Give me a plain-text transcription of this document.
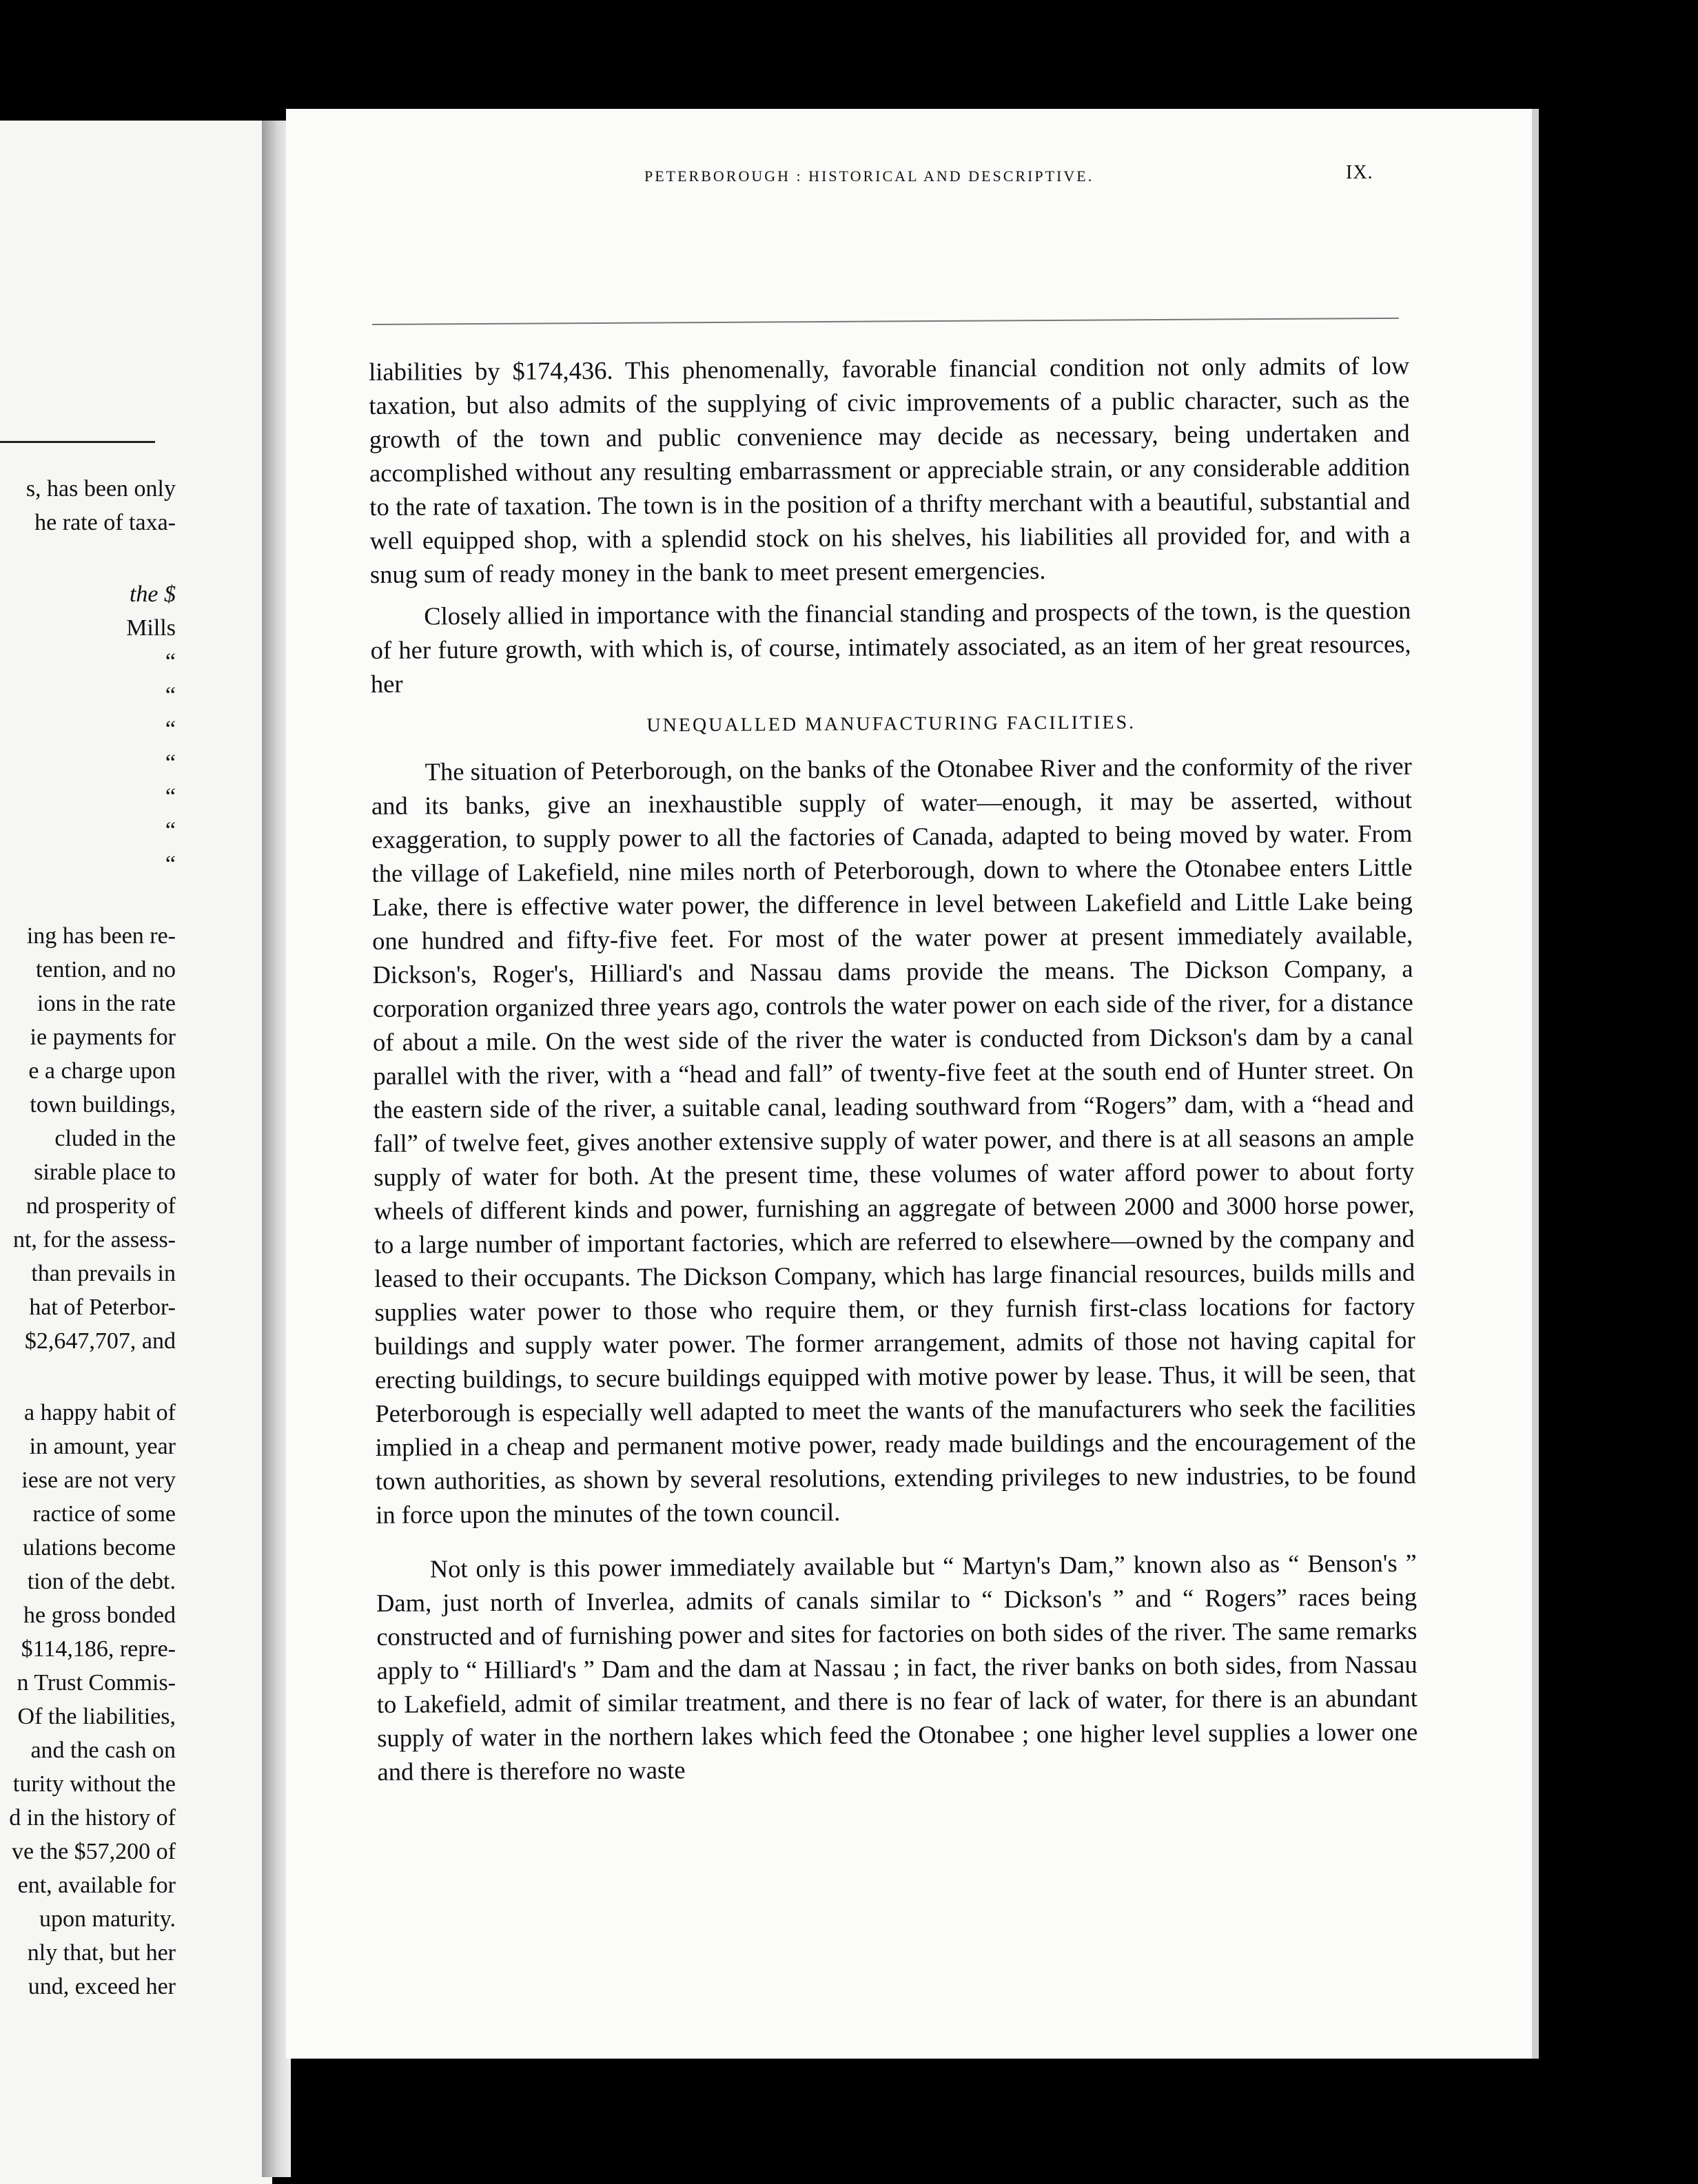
s, has been only
he rate of taxa-
the $
Mills
“
“
“
“
“
“
“
ing has been re-
tention, and no
ions in the rate
ie payments for
e a charge upon
town buildings,
cluded in the
sirable place to
nd prosperity of
nt, for the assess-
than prevails in
hat of Peterbor-
$2,647,707, and
a happy habit of
in amount, year
iese are not very
ractice of some
ulations become
tion of the debt.
he gross bonded
$114,186, repre-
n Trust Commis-
Of the liabilities,
and the cash on
turity without the
d in the history of
ve the $57,200 of
ent, available for
upon maturity.
nly that, but her
und, exceed her
PETERBOROUGH : HISTORICAL AND DESCRIPTIVE.	IX.

liabilities by $174,436. This phenomenally, favorable financial condition not only admits of low taxation, but also admits of the supplying of civic improvements of a public character, such as the growth of the town and public convenience may decide as necessary, being undertaken and accomplished without any resulting embarrassment or appreciable strain, or any considerable addition to the rate of taxation. The town is in the position of a thrifty merchant with a beautiful, substantial and well equipped shop, with a splendid stock on his shelves, his liabilities all provided for, and with a snug sum of ready money in the bank to meet present emergencies.

Closely allied in importance with the financial standing and prospects of the town, is the question of her future growth, with which is, of course, intimately associated, as an item of her great resources, her

UNEQUALLED MANUFACTURING FACILITIES.

The situation of Peterborough, on the banks of the Otonabee River and the conformity of the river and its banks, give an inexhaustible supply of water—enough, it may be asserted, without exaggeration, to supply power to all the factories of Canada, adapted to being moved by water. From the village of Lakefield, nine miles north of Peterborough, down to where the Otonabee enters Little Lake, there is effective water power, the difference in level between Lakefield and Little Lake being one hundred and fifty-five feet. For most of the water power at present immediately available, Dickson's, Roger's, Hilliard's and Nassau dams provide the means. The Dickson Company, a corporation organized three years ago, controls the water power on each side of the river, for a distance of about a mile. On the west side of the river the water is conducted from Dickson's dam by a canal parallel with the river, with a “head and fall” of twenty-five feet at the south end of Hunter street. On the eastern side of the river, a suitable canal, leading southward from “Rogers” dam, with a “head and fall” of twelve feet, gives another extensive supply of water power, and there is at all seasons an ample supply of water for both. At the present time, these volumes of water afford power to about forty wheels of different kinds and power, furnishing an aggregate of between 2000 and 3000 horse power, to a large number of important factories, which are referred to elsewhere—owned by the company and leased to their occupants. The Dickson Company, which has large financial resources, builds mills and supplies water power to those who require them, or they furnish first-class locations for factory buildings and supply water power. The former arrangement, admits of those not having capital for erecting buildings, to secure buildings equipped with motive power by lease. Thus, it will be seen, that Peterborough is especially well adapted to meet the wants of the manufacturers who seek the facilities implied in a cheap and permanent motive power, ready made buildings and the encouragement of the town authorities, as shown by several resolutions, extending privileges to new industries, to be found in force upon the minutes of the town council.

Not only is this power immediately available but “ Martyn's Dam,” known also as “ Benson's ” Dam, just north of Inverlea, admits of canals similar to “ Dickson's ” and “ Rogers” races being constructed and of furnishing power and sites for factories on both sides of the river. The same remarks apply to “ Hilliard's ” Dam and the dam at Nassau ; in fact, the river banks on both sides, from Nassau to Lakefield, admit of similar treatment, and there is no fear of lack of water, for there is an abundant supply of water in the northern lakes which feed the Otonabee ; one higher level supplies a lower one and there is therefore no waste
